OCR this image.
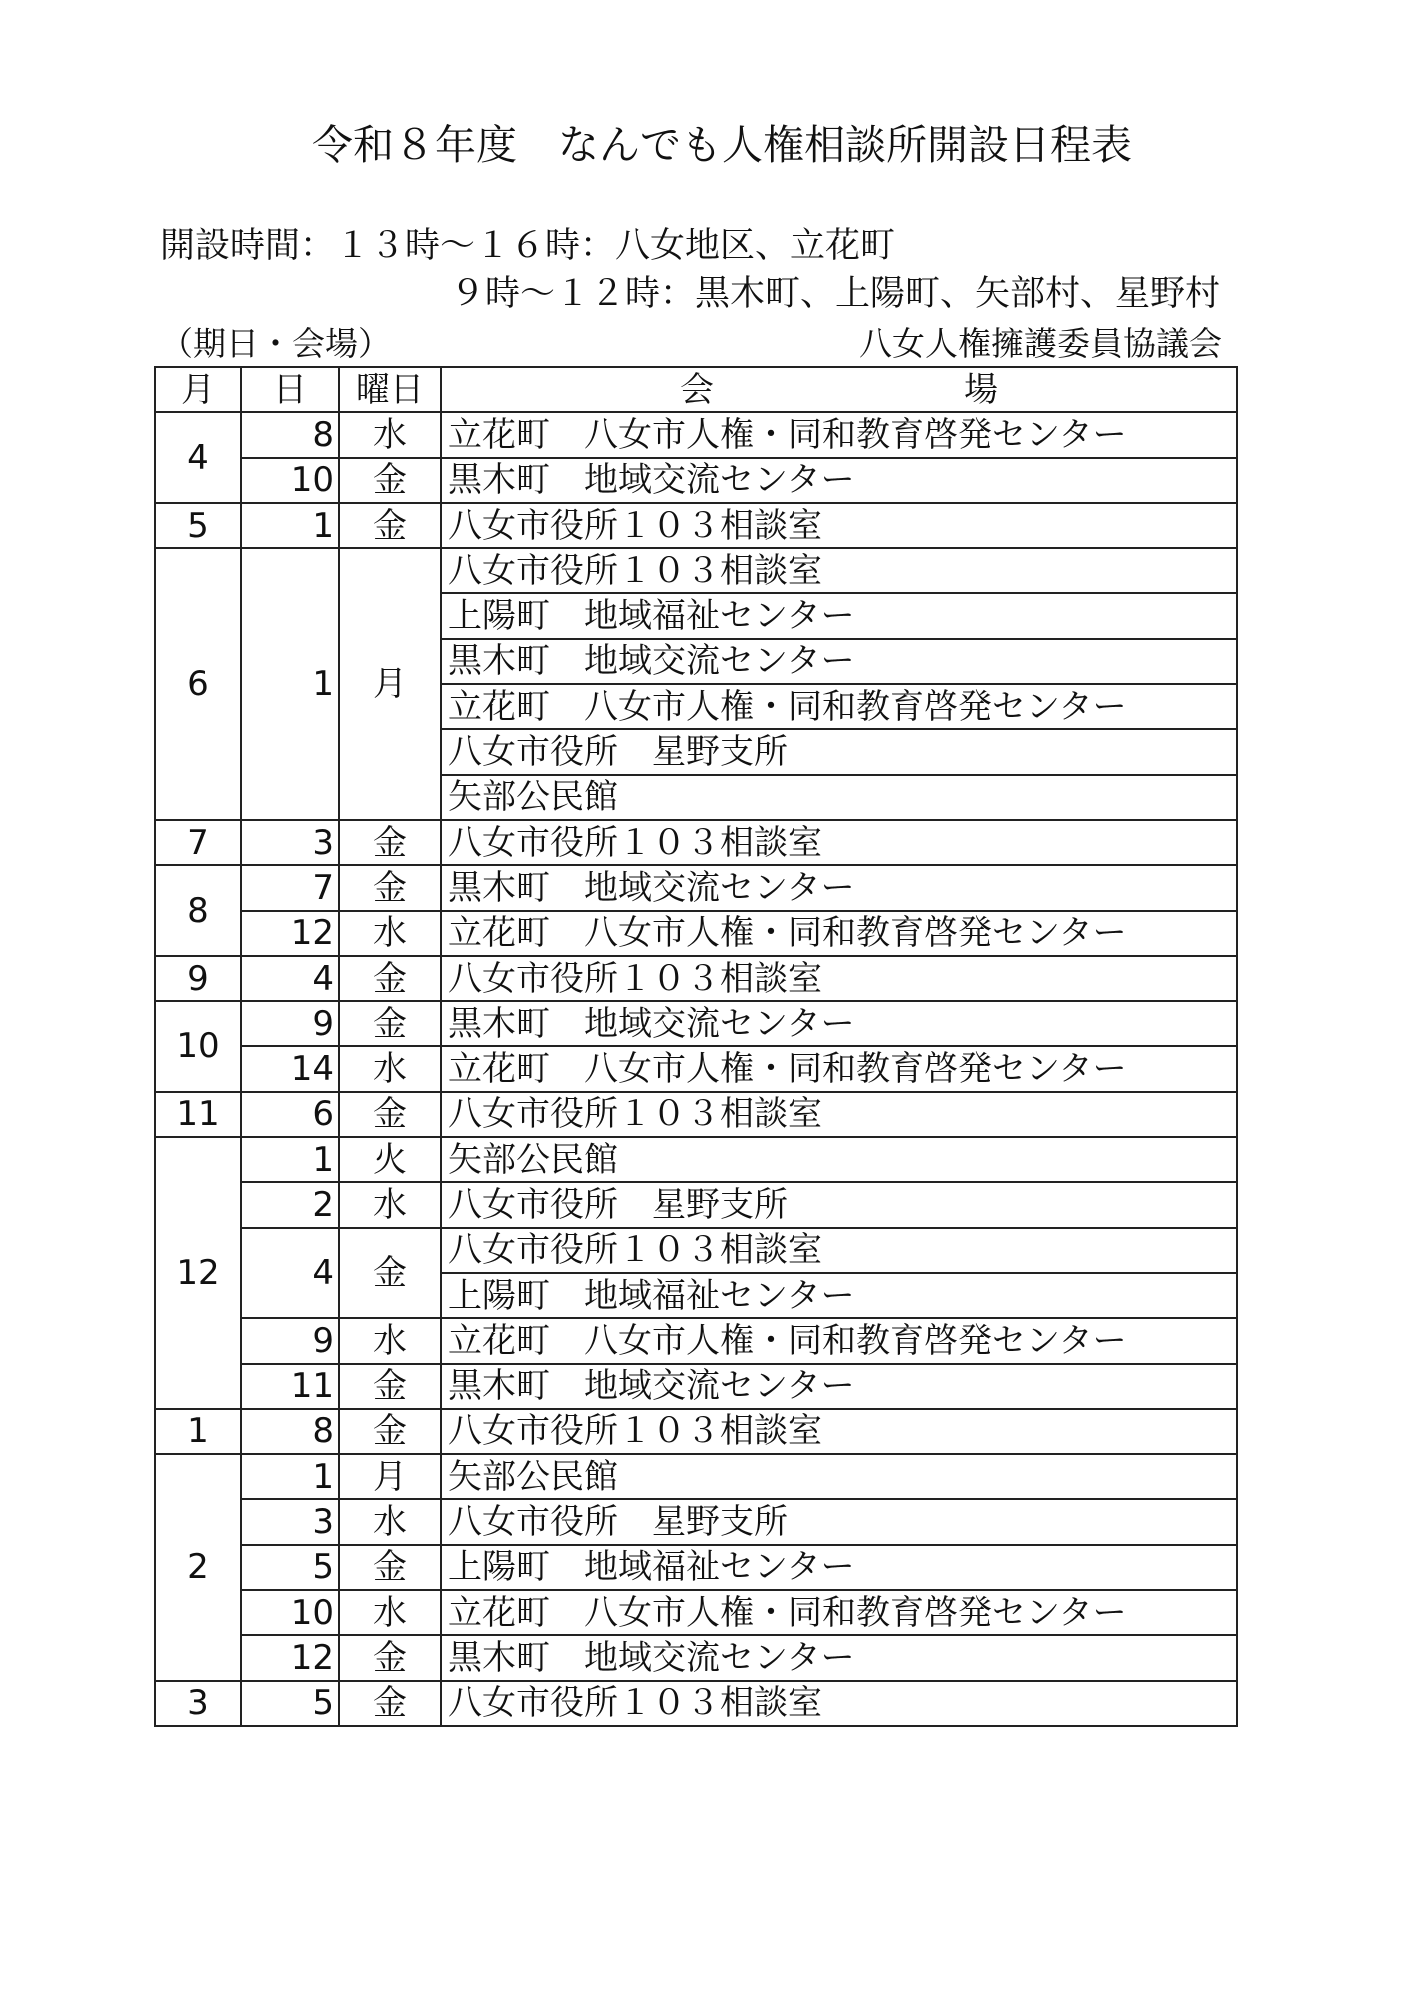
令和８年度　なんでも人権相談所開設日程表
開設時間：１３時～１６時：八女地区、立花町
９時～１２時：黒木町、上陽町、矢部村、星野村
（期日・会場）	八女人権擁護委員協議会
月	日	曜日	会 場
4	8	水	立花町　八女市人権・同和教育啓発センター
	10	金	黒木町　地域交流センター
5	1	金	八女市役所１０３相談室
6	1	月	八女市役所１０３相談室
			上陽町　地域福祉センター
			黒木町　地域交流センター
			立花町　八女市人権・同和教育啓発センター
			八女市役所　星野支所
			矢部公民館
7	3	金	八女市役所１０３相談室
8	7	金	黒木町　地域交流センター
	12	水	立花町　八女市人権・同和教育啓発センター
9	4	金	八女市役所１０３相談室
10	9	金	黒木町　地域交流センター
	14	水	立花町　八女市人権・同和教育啓発センター
11	6	金	八女市役所１０３相談室
12	1	火	矢部公民館
	2	水	八女市役所　星野支所
	4	金	八女市役所１０３相談室
			上陽町　地域福祉センター
	9	水	立花町　八女市人権・同和教育啓発センター
	11	金	黒木町　地域交流センター
1	8	金	八女市役所１０３相談室
2	1	月	矢部公民館
	3	水	八女市役所　星野支所
	5	金	上陽町　地域福祉センター
	10	水	立花町　八女市人権・同和教育啓発センター
	12	金	黒木町　地域交流センター
3	5	金	八女市役所１０３相談室
